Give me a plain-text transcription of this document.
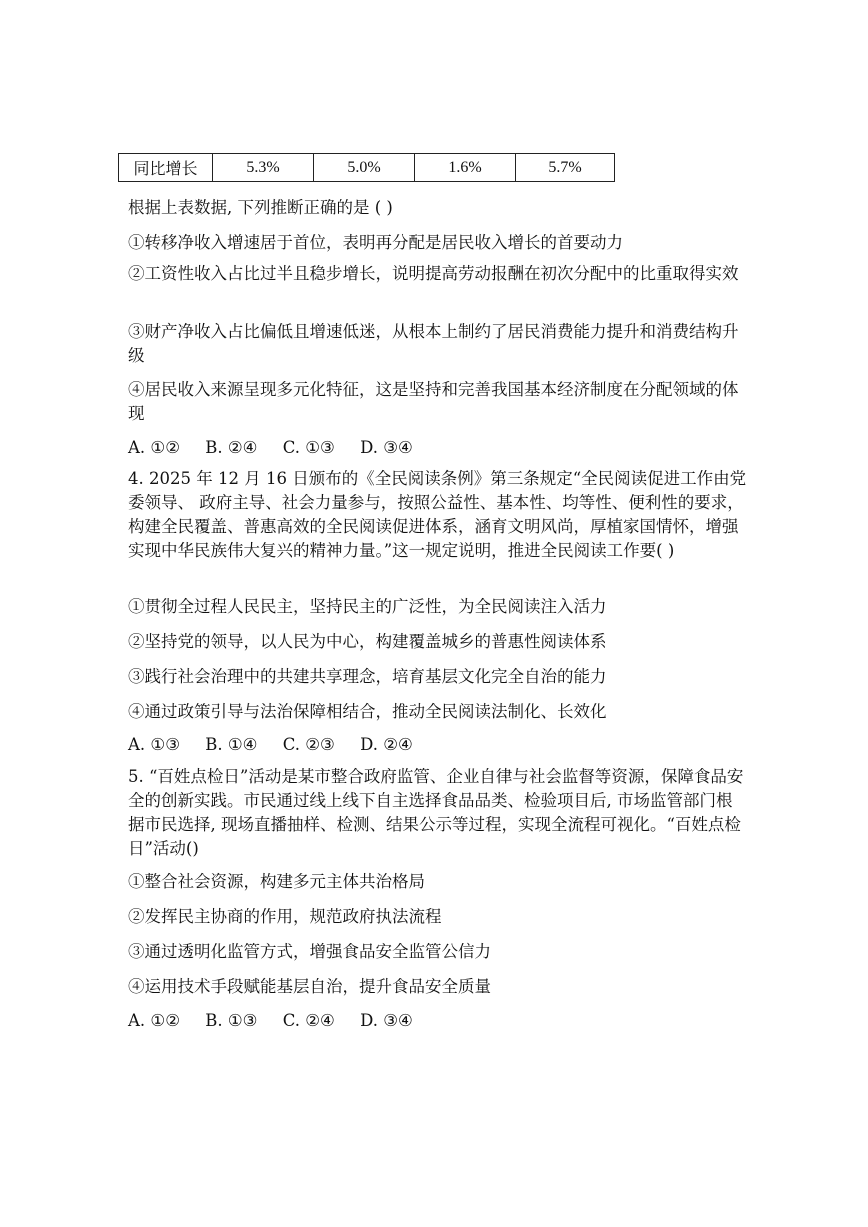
同比增长	5.3%	5.0%	1.6%	5.7%
根据上表数据, 下列推断正确的是 ( )
①转移净收入增速居于首位，表明再分配是居民收入增长的首要动力
②工资性收入占比过半且稳步增长，说明提高劳动报酬在初次分配中的比重取得实效
③财产净收入占比偏低且增速低迷，从根本上制约了居民消费能力提升和消费结构升级
④居民收入来源呈现多元化特征，这是坚持和完善我国基本经济制度在分配领域的体现
A. ①② B. ②④ C. ①③ D. ③④
4. 2025 年 12 月 16 日颁布的《全民阅读条例》第三条规定“全民阅读促进工作由党委领导、 政府主导、社会力量参与，按照公益性、基本性、均等性、便利性的要求，构建全民覆盖、普惠高效的全民阅读促进体系，涵育文明风尚，厚植家国情怀，增强实现中华民族伟大复兴的精神力量。”这一规定说明，推进全民阅读工作要( )
①贯彻全过程人民民主，坚持民主的广泛性，为全民阅读注入活力
②坚持党的领导，以人民为中心，构建覆盖城乡的普惠性阅读体系
③践行社会治理中的共建共享理念，培育基层文化完全自治的能力
④通过政策引导与法治保障相结合，推动全民阅读法制化、长效化
A. ①③ B. ①④ C. ②③ D. ②④
5. “百姓点检日”活动是某市整合政府监管、企业自律与社会监督等资源，保障食品安全的创新实践。市民通过线上线下自主选择食品品类、检验项目后, 市场监管部门根据市民选择, 现场直播抽样、检测、结果公示等过程，实现全流程可视化。“百姓点检日”活动()
①整合社会资源，构建多元主体共治格局
②发挥民主协商的作用，规范政府执法流程
③通过透明化监管方式，增强食品安全监管公信力
④运用技术手段赋能基层自治，提升食品安全质量
A. ①② B. ①③ C. ②④ D. ③④
